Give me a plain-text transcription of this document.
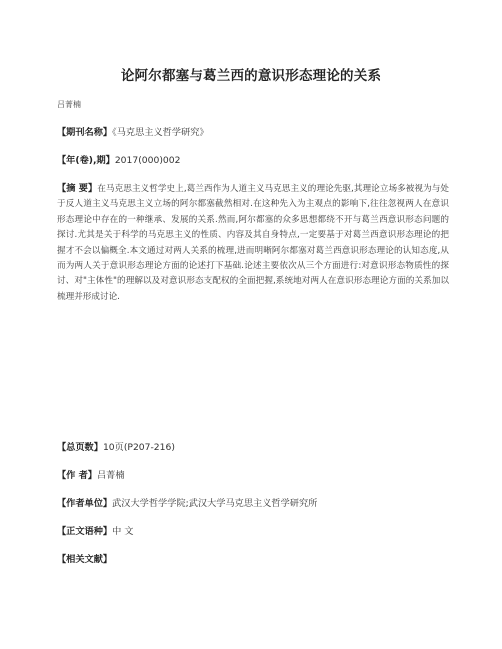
论阿尔都塞与葛兰西的意识形态理论的关系
吕菁楠
【期刊名称】《马克思主义哲学研究》
【年(卷),期】2017(000)002
【摘 要】在马克思主义哲学史上,葛兰西作为人道主义马克思主义的理论先驱,其理论立场多被视为与处于反人道主义马克思主义立场的阿尔都塞截然相对.在这种先入为主观点的影响下,往往忽视两人在意识形态理论中存在的一种继承、发展的关系.然而,阿尔都塞的众多思想都绕不开与葛兰西意识形态问题的探讨.尤其是关于科学的马克思主义的性质、内容及其自身特点,一定要基于对葛兰西意识形态理论的把握才不会以偏概全.本文通过对两人关系的梳理,进而明晰阿尔都塞对葛兰西意识形态理论的认知态度,从而为两人关于意识形态理论方面的论述打下基础.论述主要依次从三个方面进行:对意识形态物质性的探讨、对"主体性"的理解以及对意识形态支配权的全面把握,系统地对两人在意识形态理论方面的关系加以梳理并形成讨论.
【总页数】10页(P207-216)
【作 者】吕菁楠
【作者单位】武汉大学哲学学院;武汉大学马克思主义哲学研究所
【正文语种】中 文
【相关文献】
